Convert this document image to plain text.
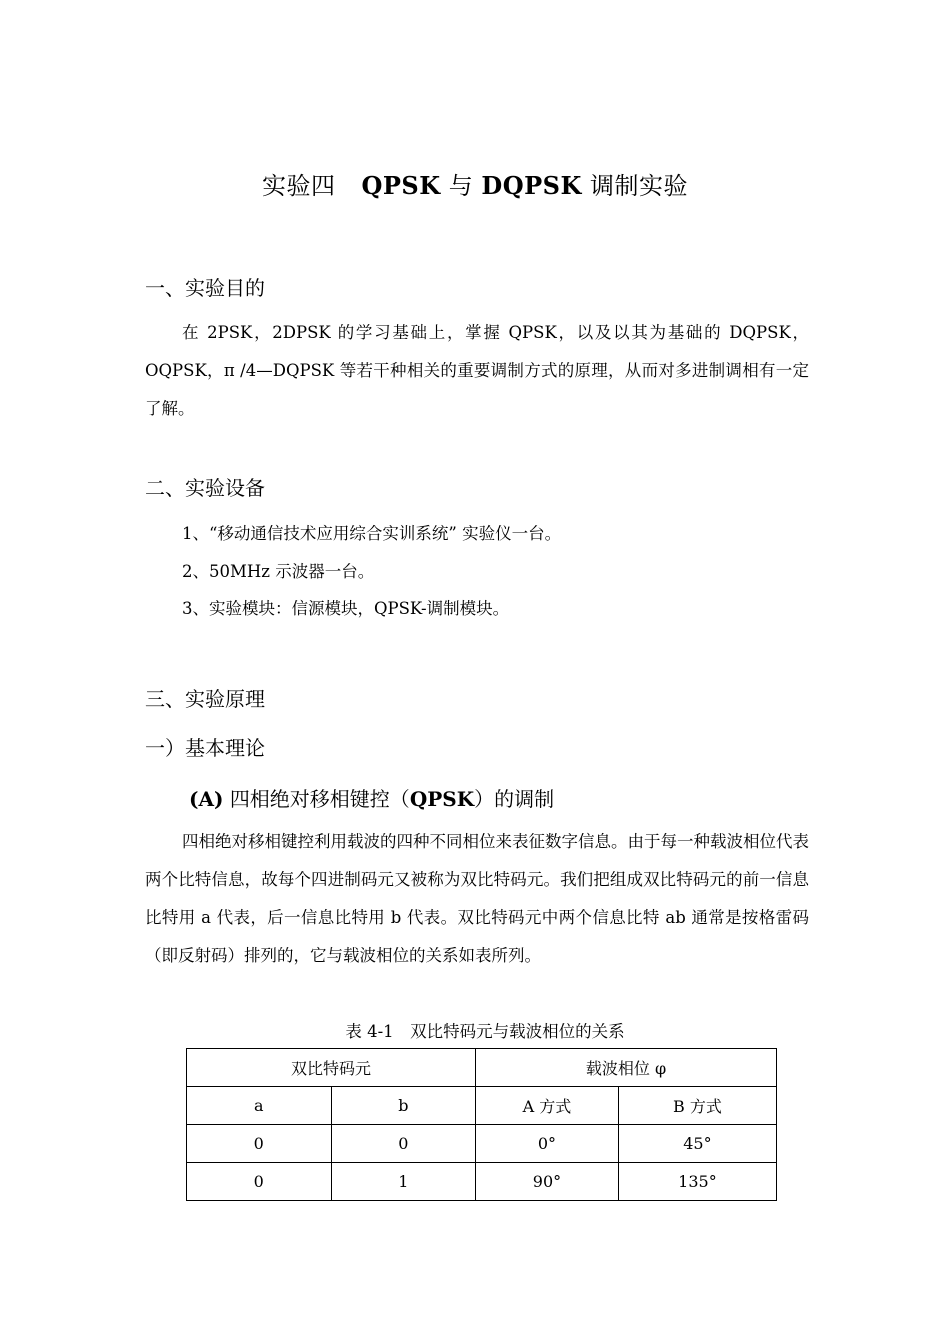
实验四 QPSK 与 DQPSK 调制实验
一、实验目的
在 2PSK，2DPSK 的学习基础上，掌握 QPSK，以及以其为基础的 DQPSK，OQPSK，π /4—DQPSK 等若干种相关的重要调制方式的原理，从而对多进制调相有一定了解。
二、实验设备
1、“移动通信技术应用综合实训系统” 实验仪一台。
2、50MHz 示波器一台。
3、实验模块：信源模块，QPSK-调制模块。
三、实验原理
一）基本理论
(A) 四相绝对移相键控（QPSK）的调制
四相绝对移相键控利用载波的四种不同相位来表征数字信息。由于每一种载波相位代表两个比特信息，故每个四进制码元又被称为双比特码元。我们把组成双比特码元的前一信息比特用 a 代表，后一信息比特用 b 代表。双比特码元中两个信息比特 ab 通常是按格雷码（即反射码）排列的，它与载波相位的关系如表所列。
表 4-1　双比特码元与载波相位的关系
双比特码元		载波相位 φ	
a	b	A 方式	B 方式
0	0	0°	45°
0	1	90°	135°
